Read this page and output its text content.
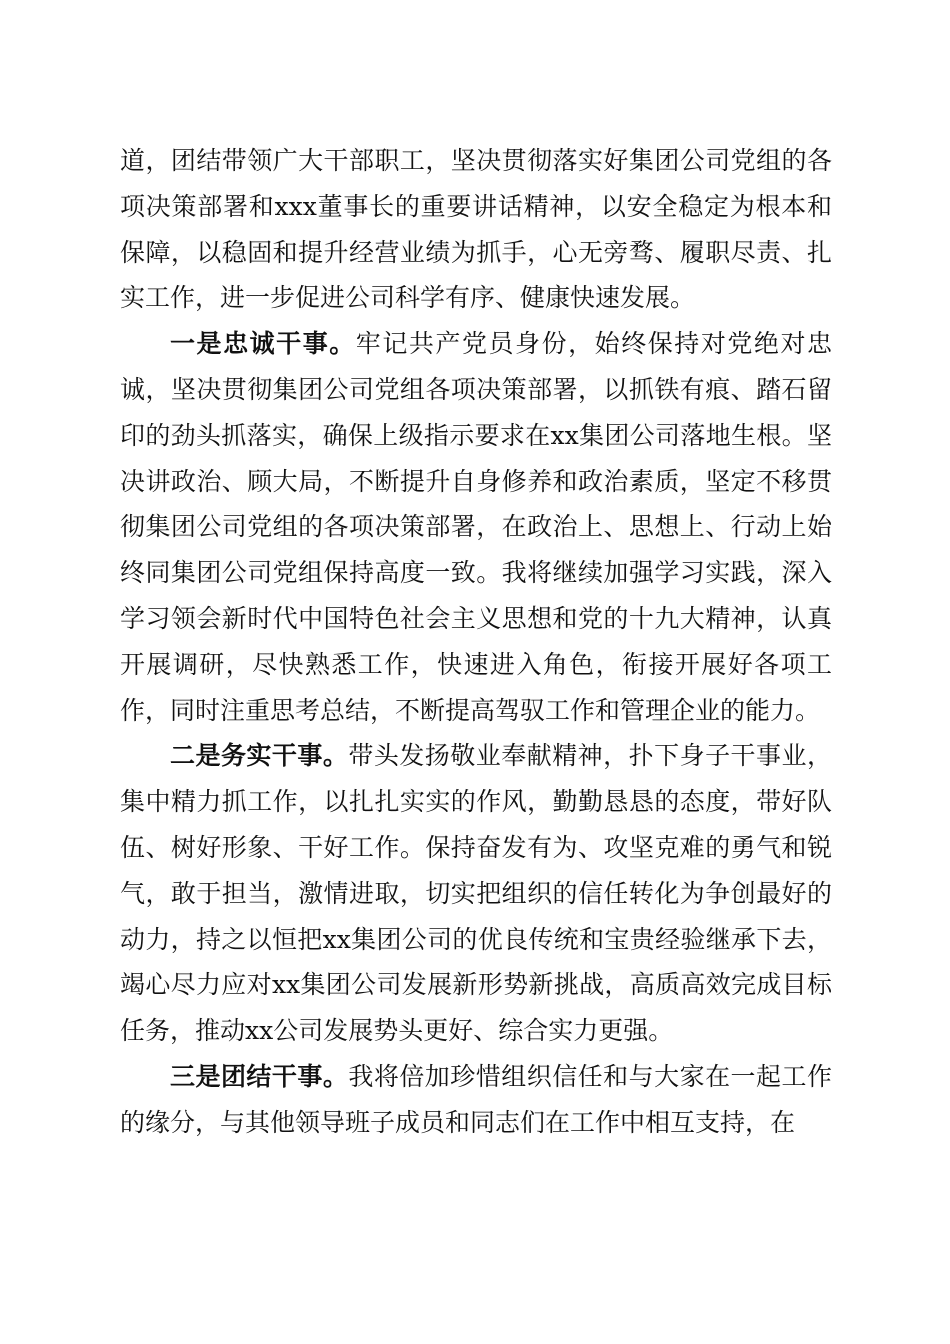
道，团结带领广大干部职工，坚决贯彻落实好集团公司党组的各项决策部署和xxx董事长的重要讲话精神，以安全稳定为根本和保障，以稳固和提升经营业绩为抓手，心无旁骛、履职尽责、扎实工作，进一步促进公司科学有序、健康快速发展。

一是忠诚干事。牢记共产党员身份，始终保持对党绝对忠诚，坚决贯彻集团公司党组各项决策部署，以抓铁有痕、踏石留印的劲头抓落实，确保上级指示要求在xx集团公司落地生根。坚决讲政治、顾大局，不断提升自身修养和政治素质，坚定不移贯彻集团公司党组的各项决策部署，在政治上、思想上、行动上始终同集团公司党组保持高度一致。我将继续加强学习实践，深入学习领会新时代中国特色社会主义思想和党的十九大精神，认真开展调研，尽快熟悉工作，快速进入角色，衔接开展好各项工作，同时注重思考总结，不断提高驾驭工作和管理企业的能力。

二是务实干事。带头发扬敬业奉献精神，扑下身子干事业，集中精力抓工作，以扎扎实实的作风，勤勤恳恳的态度，带好队伍、树好形象、干好工作。保持奋发有为、攻坚克难的勇气和锐气，敢于担当，激情进取，切实把组织的信任转化为争创最好的动力，持之以恒把xx集团公司的优良传统和宝贵经验继承下去，竭心尽力应对xx集团公司发展新形势新挑战，高质高效完成目标任务，推动xx公司发展势头更好、综合实力更强。

三是团结干事。我将倍加珍惜组织信任和与大家在一起工作的缘分，与其他领导班子成员和同志们在工作中相互支持，在
